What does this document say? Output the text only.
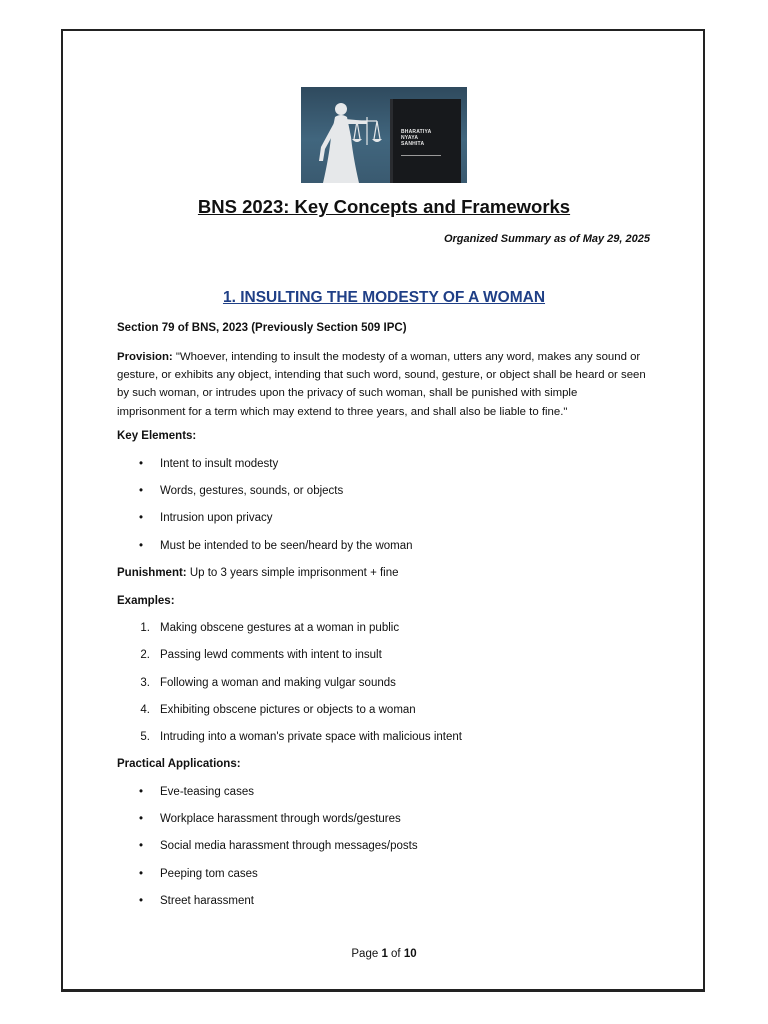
BHARATIYA
NYAYA
SANHITA
BNS 2023: Key Concepts and Frameworks
Organized Summary as of May 29, 2025
1. INSULTING THE MODESTY OF A WOMAN
Section 79 of BNS, 2023 (Previously Section 509 IPC)
Provision: "Whoever, intending to insult the modesty of a woman, utters any word, makes any sound or gesture, or exhibits any object, intending that such word, sound, gesture, or object shall be heard or seen by such woman, or intrudes upon the privacy of such woman, shall be punished with simple imprisonment for a term which may extend to three years, and shall also be liable to fine."
Key Elements:
• Intent to insult modesty
• Words, gestures, sounds, or objects
• Intrusion upon privacy
• Must be intended to be seen/heard by the woman
Punishment: Up to 3 years simple imprisonment + fine
Examples:
1. Making obscene gestures at a woman in public
2. Passing lewd comments with intent to insult
3. Following a woman and making vulgar sounds
4. Exhibiting obscene pictures or objects to a woman
5. Intruding into a woman's private space with malicious intent
Practical Applications:
• Eve-teasing cases
• Workplace harassment through words/gestures
• Social media harassment through messages/posts
• Peeping tom cases
• Street harassment
Page 1 of 10
